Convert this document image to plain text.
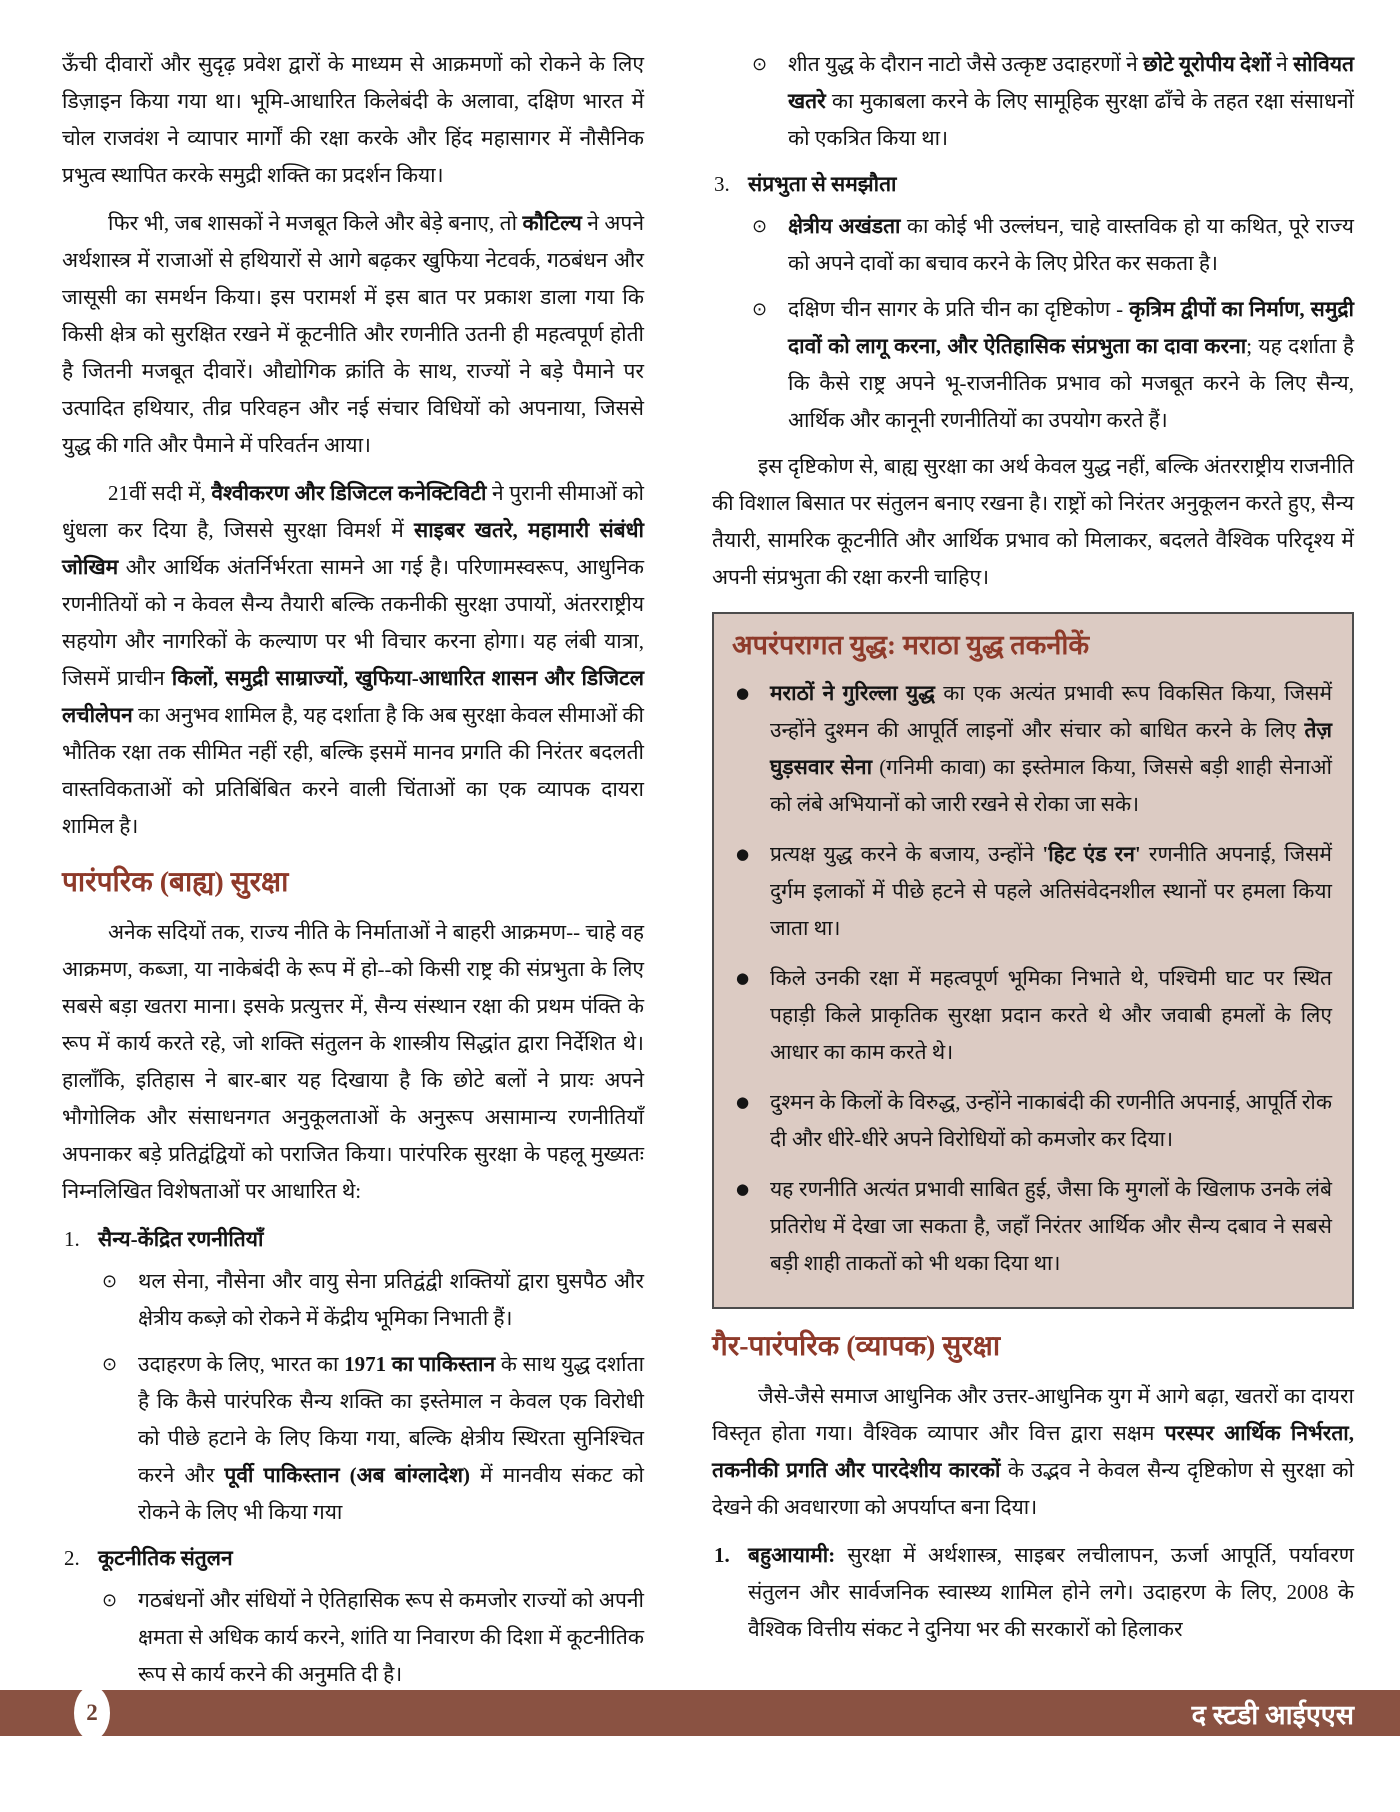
ऊँची दीवारों और सुदृढ़ प्रवेश द्वारों के माध्यम से आक्रमणों को रोकने के लिए डिज़ाइन किया गया था। भूमि-आधारित किलेबंदी के अलावा, दक्षिण भारत में चोल राजवंश ने व्यापार मार्गों की रक्षा करके और हिंद महासागर में नौसैनिक प्रभुत्व स्थापित करके समुद्री शक्ति का प्रदर्शन किया।

फिर भी, जब शासकों ने मजबूत किले और बेड़े बनाए, तो कौटिल्य ने अपने अर्थशास्त्र में राजाओं से हथियारों से आगे बढ़कर खुफिया नेटवर्क, गठबंधन और जासूसी का समर्थन किया। इस परामर्श में इस बात पर प्रकाश डाला गया कि किसी क्षेत्र को सुरक्षित रखने में कूटनीति और रणनीति उतनी ही महत्वपूर्ण होती है जितनी मजबूत दीवारें। औद्योगिक क्रांति के साथ, राज्यों ने बड़े पैमाने पर उत्पादित हथियार, तीव्र परिवहन और नई संचार विधियों को अपनाया, जिससे युद्ध की गति और पैमाने में परिवर्तन आया।

21वीं सदी में, वैश्वीकरण और डिजिटल कनेक्टिविटी ने पुरानी सीमाओं को धुंधला कर दिया है, जिससे सुरक्षा विमर्श में साइबर खतरे, महामारी संबंधी जोखिम और आर्थिक अंतर्निर्भरता सामने आ गई है। परिणामस्वरूप, आधुनिक रणनीतियों को न केवल सैन्य तैयारी बल्कि तकनीकी सुरक्षा उपायों, अंतरराष्ट्रीय सहयोग और नागरिकों के कल्याण पर भी विचार करना होगा। यह लंबी यात्रा, जिसमें प्राचीन किलों, समुद्री साम्राज्यों, खुफिया-आधारित शासन और डिजिटल लचीलेपन का अनुभव शामिल है, यह दर्शाता है कि अब सुरक्षा केवल सीमाओं की भौतिक रक्षा तक सीमित नहीं रही, बल्कि इसमें मानव प्रगति की निरंतर बदलती वास्तविकताओं को प्रतिबिंबित करने वाली चिंताओं का एक व्यापक दायरा शामिल है।

पारंपरिक (बाह्य) सुरक्षा

अनेक सदियों तक, राज्य नीति के निर्माताओं ने बाहरी आक्रमण-- चाहे वह आक्रमण, कब्जा, या नाकेबंदी के रूप में हो--को किसी राष्ट्र की संप्रभुता के लिए सबसे बड़ा खतरा माना। इसके प्रत्युत्तर में, सैन्य संस्थान रक्षा की प्रथम पंक्ति के रूप में कार्य करते रहे, जो शक्ति संतुलन के शास्त्रीय सिद्धांत द्वारा निर्देशित थे। हालाँकि, इतिहास ने बार-बार यह दिखाया है कि छोटे बलों ने प्रायः अपने भौगोलिक और संसाधनगत अनुकूलताओं के अनुरूप असामान्य रणनीतियाँ अपनाकर बड़े प्रतिद्वंद्वियों को पराजित किया। पारंपरिक सुरक्षा के पहलू मुख्यतः निम्नलिखित विशेषताओं पर आधारित थे:

1. सैन्य-केंद्रित रणनीतियाँ
⊙ थल सेना, नौसेना और वायु सेना प्रतिद्वंद्वी शक्तियों द्वारा घुसपैठ और क्षेत्रीय कब्ज़े को रोकने में केंद्रीय भूमिका निभाती हैं।
⊙ उदाहरण के लिए, भारत का 1971 का पाकिस्तान के साथ युद्ध दर्शाता है कि कैसे पारंपरिक सैन्य शक्ति का इस्तेमाल न केवल एक विरोधी को पीछे हटाने के लिए किया गया, बल्कि क्षेत्रीय स्थिरता सुनिश्चित करने और पूर्वी पाकिस्तान (अब बांग्लादेश) में मानवीय संकट को रोकने के लिए भी किया गया
2. कूटनीतिक संतुलन
⊙ गठबंधनों और संधियों ने ऐतिहासिक रूप से कमजोर राज्यों को अपनी क्षमता से अधिक कार्य करने, शांति या निवारण की दिशा में कूटनीतिक रूप से कार्य करने की अनुमति दी है।
⊙ शीत युद्ध के दौरान नाटो जैसे उत्कृष्ट उदाहरणों ने छोटे यूरोपीय देशों ने सोवियत खतरे का मुकाबला करने के लिए सामूहिक सुरक्षा ढाँचे के तहत रक्षा संसाधनों को एकत्रित किया था।
3. संप्रभुता से समझौता
⊙ क्षेत्रीय अखंडता का कोई भी उल्लंघन, चाहे वास्तविक हो या कथित, पूरे राज्य को अपने दावों का बचाव करने के लिए प्रेरित कर सकता है।
⊙ दक्षिण चीन सागर के प्रति चीन का दृष्टिकोण - कृत्रिम द्वीपों का निर्माण, समुद्री दावों को लागू करना, और ऐतिहासिक संप्रभुता का दावा करना; यह दर्शाता है कि कैसे राष्ट्र अपने भू-राजनीतिक प्रभाव को मजबूत करने के लिए सैन्य, आर्थिक और कानूनी रणनीतियों का उपयोग करते हैं।

इस दृष्टिकोण से, बाह्य सुरक्षा का अर्थ केवल युद्ध नहीं, बल्कि अंतरराष्ट्रीय राजनीति की विशाल बिसात पर संतुलन बनाए रखना है। राष्ट्रों को निरंतर अनुकूलन करते हुए, सैन्य तैयारी, सामरिक कूटनीति और आर्थिक प्रभाव को मिलाकर, बदलते वैश्विक परिदृश्य में अपनी संप्रभुता की रक्षा करनी चाहिए।

अपरंपरागत युद्ध: मराठा युद्ध तकनीकें
● मराठों ने गुरिल्ला युद्ध का एक अत्यंत प्रभावी रूप विकसित किया, जिसमें उन्होंने दुश्मन की आपूर्ति लाइनों और संचार को बाधित करने के लिए तेज़ घुड़सवार सेना (गनिमी कावा) का इस्तेमाल किया, जिससे बड़ी शाही सेनाओं को लंबे अभियानों को जारी रखने से रोका जा सके।
● प्रत्यक्ष युद्ध करने के बजाय, उन्होंने 'हिट एंड रन' रणनीति अपनाई, जिसमें दुर्गम इलाकों में पीछे हटने से पहले अतिसंवेदनशील स्थानों पर हमला किया जाता था।
● किले उनकी रक्षा में महत्वपूर्ण भूमिका निभाते थे, पश्चिमी घाट पर स्थित पहाड़ी किले प्राकृतिक सुरक्षा प्रदान करते थे और जवाबी हमलों के लिए आधार का काम करते थे।
● दुश्मन के किलों के विरुद्ध, उन्होंने नाकाबंदी की रणनीति अपनाई, आपूर्ति रोक दी और धीरे-धीरे अपने विरोधियों को कमजोर कर दिया।
● यह रणनीति अत्यंत प्रभावी साबित हुई, जैसा कि मुगलों के खिलाफ उनके लंबे प्रतिरोध में देखा जा सकता है, जहाँ निरंतर आर्थिक और सैन्य दबाव ने सबसे बड़ी शाही ताकतों को भी थका दिया था।
गैर-पारंपरिक (व्यापक) सुरक्षा

जैसे-जैसे समाज आधुनिक और उत्तर-आधुनिक युग में आगे बढ़ा, खतरों का दायरा विस्तृत होता गया। वैश्विक व्यापार और वित्त द्वारा सक्षम परस्पर आर्थिक निर्भरता, तकनीकी प्रगति और पारदेशीय कारकों के उद्भव ने केवल सैन्य दृष्टिकोण से सुरक्षा को देखने की अवधारणा को अपर्याप्त बना दिया।

1. बहुआयामी: सुरक्षा में अर्थशास्त्र, साइबर लचीलापन, ऊर्जा आपूर्ति, पर्यावरण संतुलन और सार्वजनिक स्वास्थ्य शामिल होने लगे। उदाहरण के लिए, 2008 के वैश्विक वित्तीय संकट ने दुनिया भर की सरकारों को हिलाकर
2	द स्टडी आईएएस
